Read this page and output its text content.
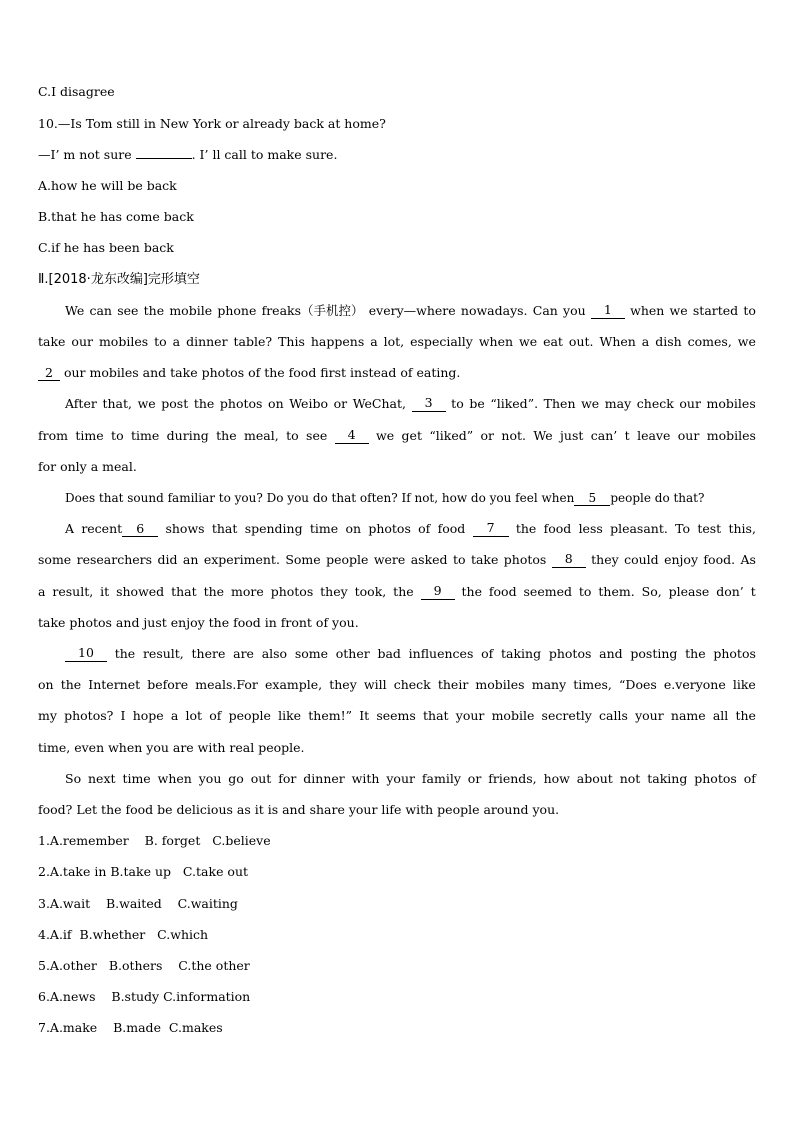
C.I disagree
10.—Is Tom still in New York or already back at home?
—I’ m not sure	. I’ ll call to make sure.
A.how he will be back
B.that he has come back
C.if he has been back
Ⅱ.[2018·龙东改编]完形填空
We can see the mobile phone freaks（手机控） every—where nowadays. Can you	1	when we started to
take our mobiles to a dinner table? This happens a lot, especially when we eat out. When a dish comes, we
2 our mobiles and take photos of the food first instead of eating.
After that, we post the photos on Weibo or WeChat,	3	to be “liked”. Then we may check our mobiles
from time to time during the meal, to see	4	we get “liked” or not. We just can’ t leave our mobiles
for only a meal.
Does that sound familiar to you? Do you do that often? If not, how do you feel when 5 people do that?
A recent 6	shows that spending time on photos of food	7	the food less pleasant. To test this,
some researchers did an experiment. Some people were asked to take photos	8	they could enjoy food. As
a result, it showed that the more photos they took, the	9	the food seemed to them. So, please don’ t
take photos and just enjoy the food in front of you.
10	the result, there are also some other bad influences of taking photos and posting the photos
on the Internet before meals.For example, they will check their mobiles many times, “Does e.veryone like
my photos? I hope a lot of people like them!” It seems that your mobile secretly calls your name all the
time, even when you are with real people.
So next time when you go out for dinner with your family or friends, how about not taking photos of
food? Let the food be delicious as it is and share your life with people around you.
1.A.remember    B. forget   C.believe
2.A.take in B.take up   C.take out
3.A.wait    B.waited    C.waiting
4.A.if  B.whether   C.which
5.A.other   B.others    C.the other
6.A.news    B.study C.information
7.A.make    B.made  C.makes
